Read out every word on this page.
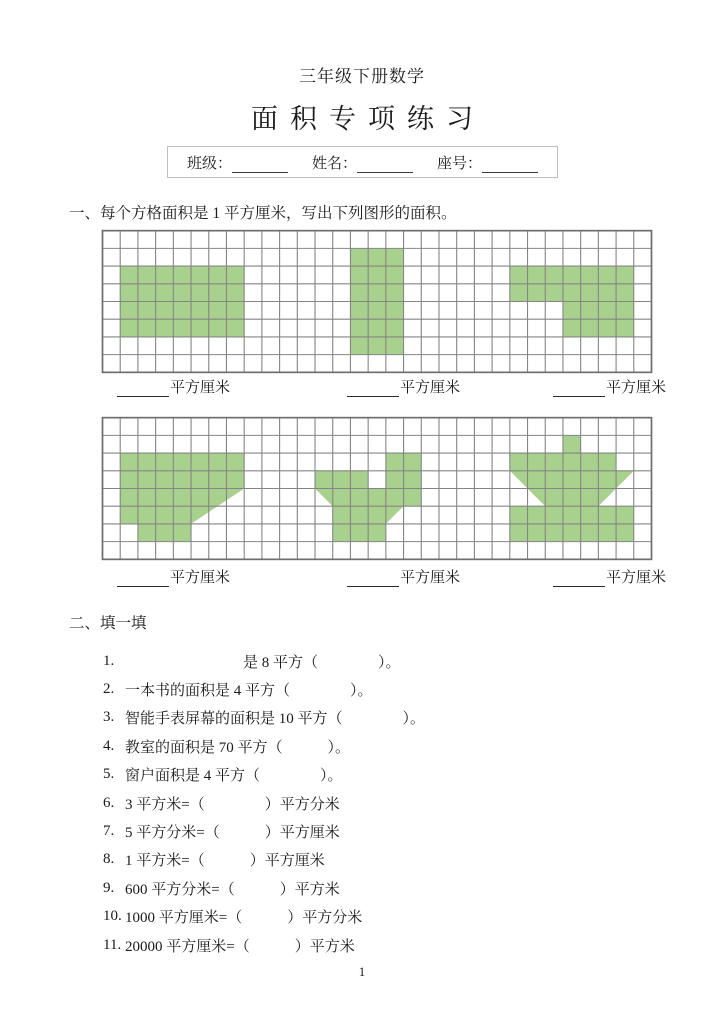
三年级下册数学
面积专项练习
班级：	姓名：	座号：
一、每个方格面积是 1 平方厘米，写出下列图形的面积。
平方厘米	平方厘米	平方厘米
平方厘米	平方厘米	平方厘米
二、填一填
1.	是 8 平方（　　　　）。
2. 一本书的面积是 4 平方（　　　　）。
3. 智能手表屏幕的面积是 10 平方（　　　　）。
4. 教室的面积是 70 平方（　　　）。
5. 窗户面积是 4 平方（　　　　）。
6. 3 平方米=（　　　　）平方分米
7. 5 平方分米=（　　　）平方厘米
8. 1 平方米=（　　　）平方厘米
9. 600 平方分米=（　　　）平方米
10. 1000 平方厘米=（　　　）平方分米
11. 20000 平方厘米=（　　　）平方米
1
